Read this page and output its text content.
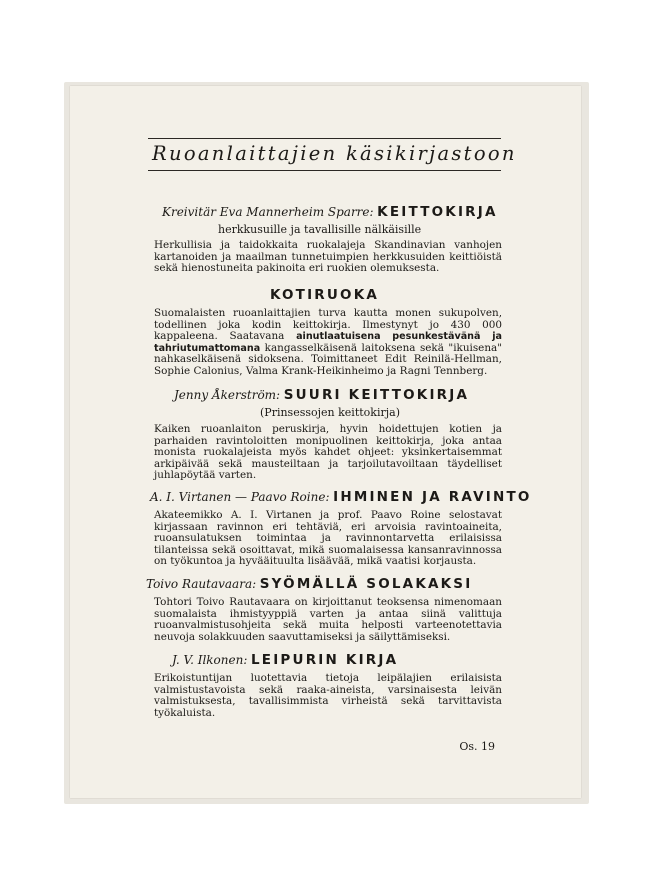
Ruoanlaittajien käsikirjastoon
Kreivitär Eva Mannerheim Sparre: KEITTOKIRJA
herkkusuille ja tavallisille nälkäisille
Herkullisia ja taidokkaita ruokalajeja Skandinavian vanhojen kartanoiden ja maailman tunnetuimpien herkkusuiden keittiöistä sekä hienostuneita pakinoita eri ruokien olemuksesta.
KOTIRUOKA
Suomalaisten ruoanlaittajien turva kautta monen sukupolven, todellinen joka kodin keittokirja. Ilmestynyt jo 430 000 kappaleena. Saatavana ainutlaatuisena pesunkestävänä ja tahriutumattomana kangasselkäisenä laitoksena sekä "ikuisena" nahkaselkäisenä sidoksena. Toimittaneet Edit Reinilä-Hellman, Sophie Calonius, Valma Krank-Heikinheimo ja Ragni Tennberg.
Jenny Åkerström: SUURI KEITTOKIRJA
(Prinsessojen keittokirja)
Kaiken ruoanlaiton peruskirja, hyvin hoidettujen kotien ja parhaiden ravintoloitten monipuolinen keittokirja, joka antaa monista ruokalajeista myös kahdet ohjeet: yksinkertaisemmat arkipäivää sekä mausteiltaan ja tarjoilutavoiltaan täydelliset juhlapöytää varten.
A. I. Virtanen — Paavo Roine: IHMINEN JA RAVINTO
Akateemikko A. I. Virtanen ja prof. Paavo Roine selostavat kirjassaan ravinnon eri tehtäviä, eri arvoisia ravintoaineita, ruoansulatuksen toimintaa ja ravinnontarvetta erilaisissa tilanteissa sekä osoittavat, mikä suomalaisessa kansanravinnossa on työkuntoa ja hyvääituulta lisäävää, mikä vaatisi korjausta.
Toivo Rautavaara: SYÖMÄLLÄ SOLAKAKSI
Tohtori Toivo Rautavaara on kirjoittanut teoksensa nimenomaan suomalaista ihmistyyppiä varten ja antaa siinä valittuja ruoanvalmistusohjeita sekä muita helposti varteenotettavia neuvoja solakkuuden saavuttamiseksi ja säilyttämiseksi.
J. V. Ilkonen: LEIPURIN KIRJA
Erikoistuntijan luotettavia tietoja leipälajien erilaisista valmistustavoista sekä raaka-aineista, varsinaisesta leivän valmistuksesta, tavallisimmista virheistä sekä tarvittavista työkaluista.
Os. 19
